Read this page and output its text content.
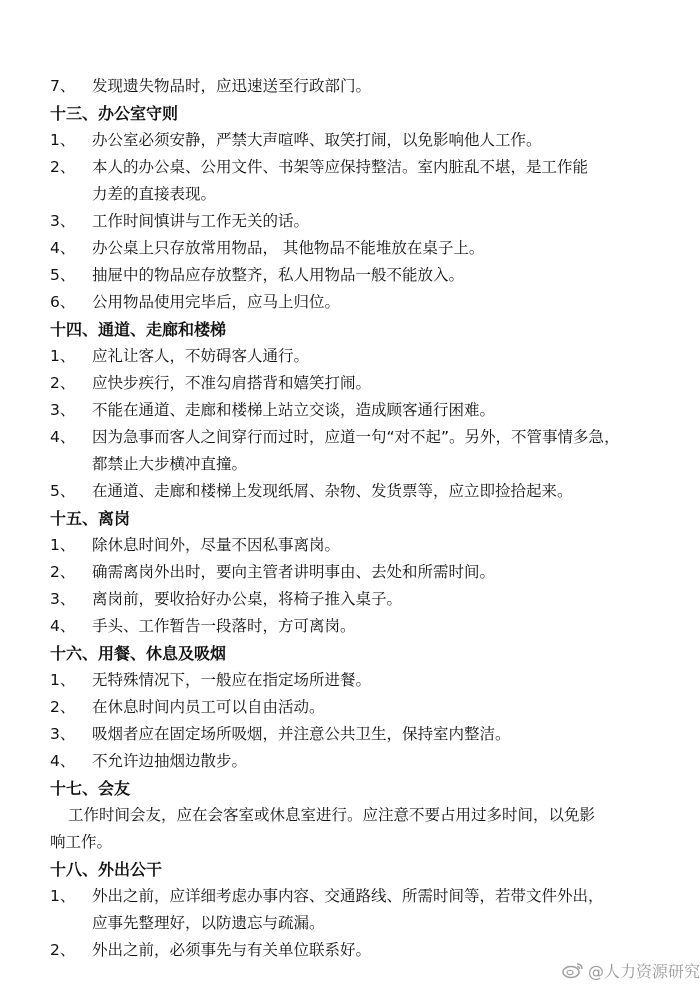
7、 发现遗失物品时，应迅速送至行政部门。
十三、办公室守则
1、 办公室必须安静，严禁大声喧哗、取笑打闹，以免影响他人工作。
2、 本人的办公桌、公用文件、书架等应保持整洁。室内脏乱不堪，是工作能
力差的直接表现。
3、 工作时间慎讲与工作无关的话。
4、 办公桌上只存放常用物品， 其他物品不能堆放在桌子上。
5、 抽屉中的物品应存放整齐，私人用物品一般不能放入。
6、 公用物品使用完毕后，应马上归位。
十四、通道、走廊和楼梯
1、 应礼让客人，不妨碍客人通行。
2、 应快步疾行，不准勾肩搭背和嬉笑打闹。
3、 不能在通道、走廊和楼梯上站立交谈，造成顾客通行困难。
4、 因为急事而客人之间穿行而过时，应道一句“对不起”。另外，不管事情多急，
都禁止大步横冲直撞。
5、 在通道、走廊和楼梯上发现纸屑、杂物、发货票等，应立即捡拾起来。
十五、离岗
1、 除休息时间外，尽量不因私事离岗。
2、 确需离岗外出时，要向主管者讲明事由、去处和所需时间。
3、 离岗前，要收拾好办公桌，将椅子推入桌子。
4、 手头、工作暂告一段落时，方可离岗。
十六、用餐、休息及吸烟
1、 无特殊情况下，一般应在指定场所进餐。
2、 在休息时间内员工可以自由活动。
3、 吸烟者应在固定场所吸烟，并注意公共卫生，保持室内整洁。
4、 不允许边抽烟边散步。
十七、会友
工作时间会友，应在会客室或休息室进行。应注意不要占用过多时间，以免影
响工作。
十八、外出公干
1、 外出之前，应详细考虑办事内容、交通路线、所需时间等，若带文件外出，
应事先整理好，以防遗忘与疏漏。
2、 外出之前，必须事先与有关单位联系好。
@人力资源研究
